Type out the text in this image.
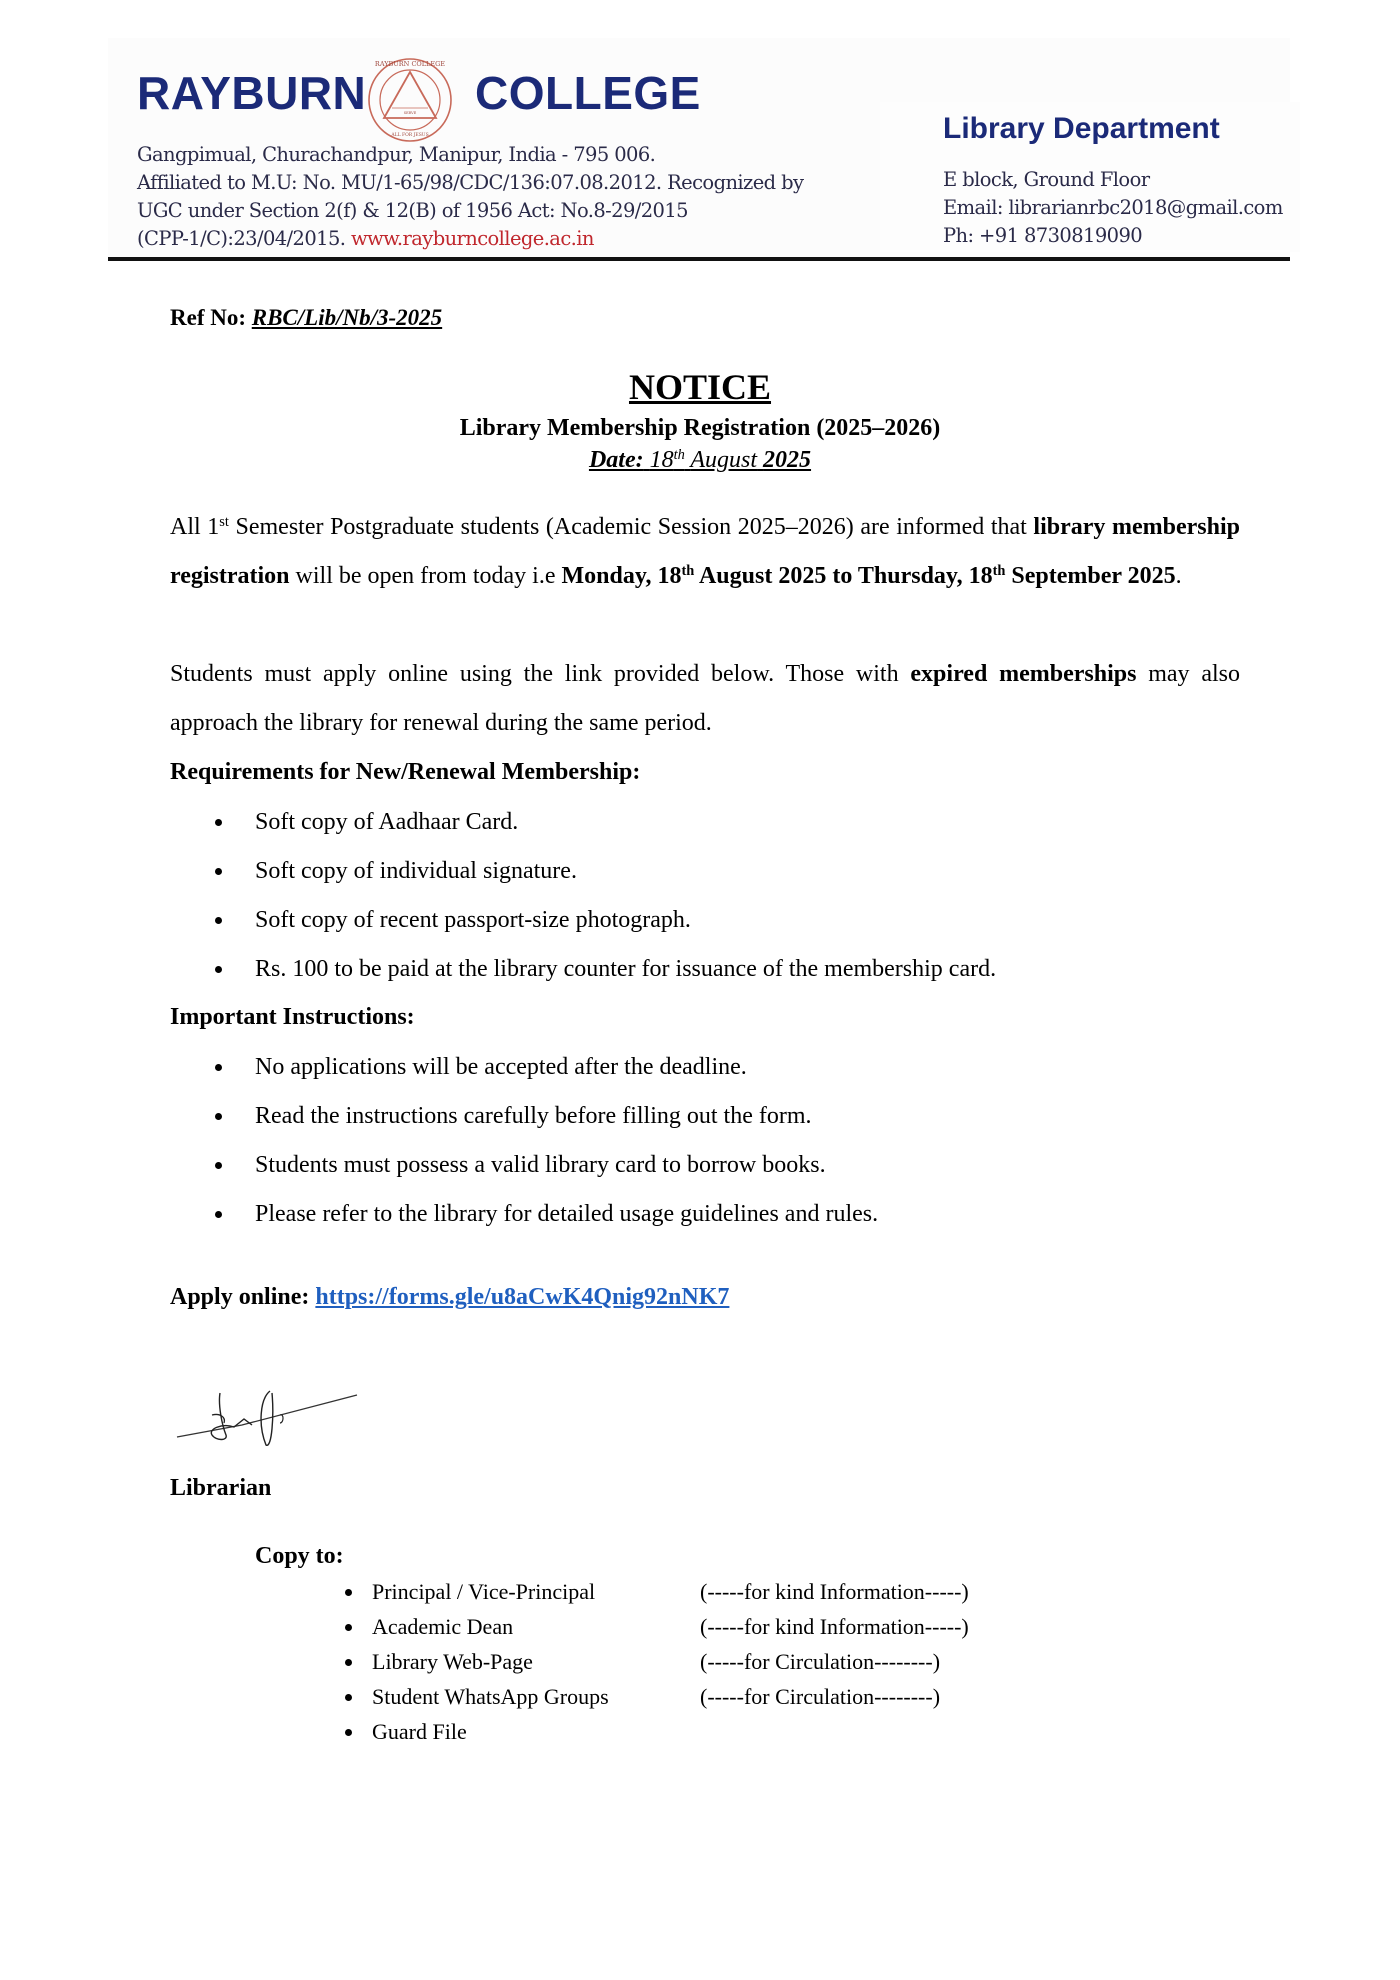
RAYBURN
RAYBURN COLLEGE
ALL FOR JESUS
SERVE COLLEGE
Gangpimual, Churachandpur, Manipur, India - 795 006.
Affiliated to M.U: No. MU/1-65/98/CDC/136:07.08.2012. Recognized by
UGC under Section 2(f) & 12(B) of 1956 Act: No.8-29/2015
(CPP-1/C):23/04/2015. www.rayburncollege.ac.in
Library Department
E block, Ground Floor
Email: librarianrbc2018@gmail.com
Ph: +91 8730819090
Ref No: RBC/Lib/Nb/3-2025
NOTICE
Library Membership Registration (2025–2026)
Date: 18th August 2025
All 1st Semester Postgraduate students (Academic Session 2025–2026) are informed that library membership registration will be open from today i.e Monday, 18th August 2025 to Thursday, 18th September 2025.
Students must apply online using the link provided below. Those with expired memberships may also approach the library for renewal during the same period.
Requirements for New/Renewal Membership:
Soft copy of Aadhaar Card.
Soft copy of individual signature.
Soft copy of recent passport-size photograph.
Rs. 100 to be paid at the library counter for issuance of the membership card.
Important Instructions:
No applications will be accepted after the deadline.
Read the instructions carefully before filling out the form.
Students must possess a valid library card to borrow books.
Please refer to the library for detailed usage guidelines and rules.
Apply online: https://forms.gle/u8aCwK4Qnig92nNK7
Librarian
Copy to:
Principal / Vice-Principal	(-----for kind Information-----)
Academic Dean	(-----for kind Information-----)
Library Web-Page	(-----for Circulation--------)
Student WhatsApp Groups	(-----for Circulation--------)
Guard File
